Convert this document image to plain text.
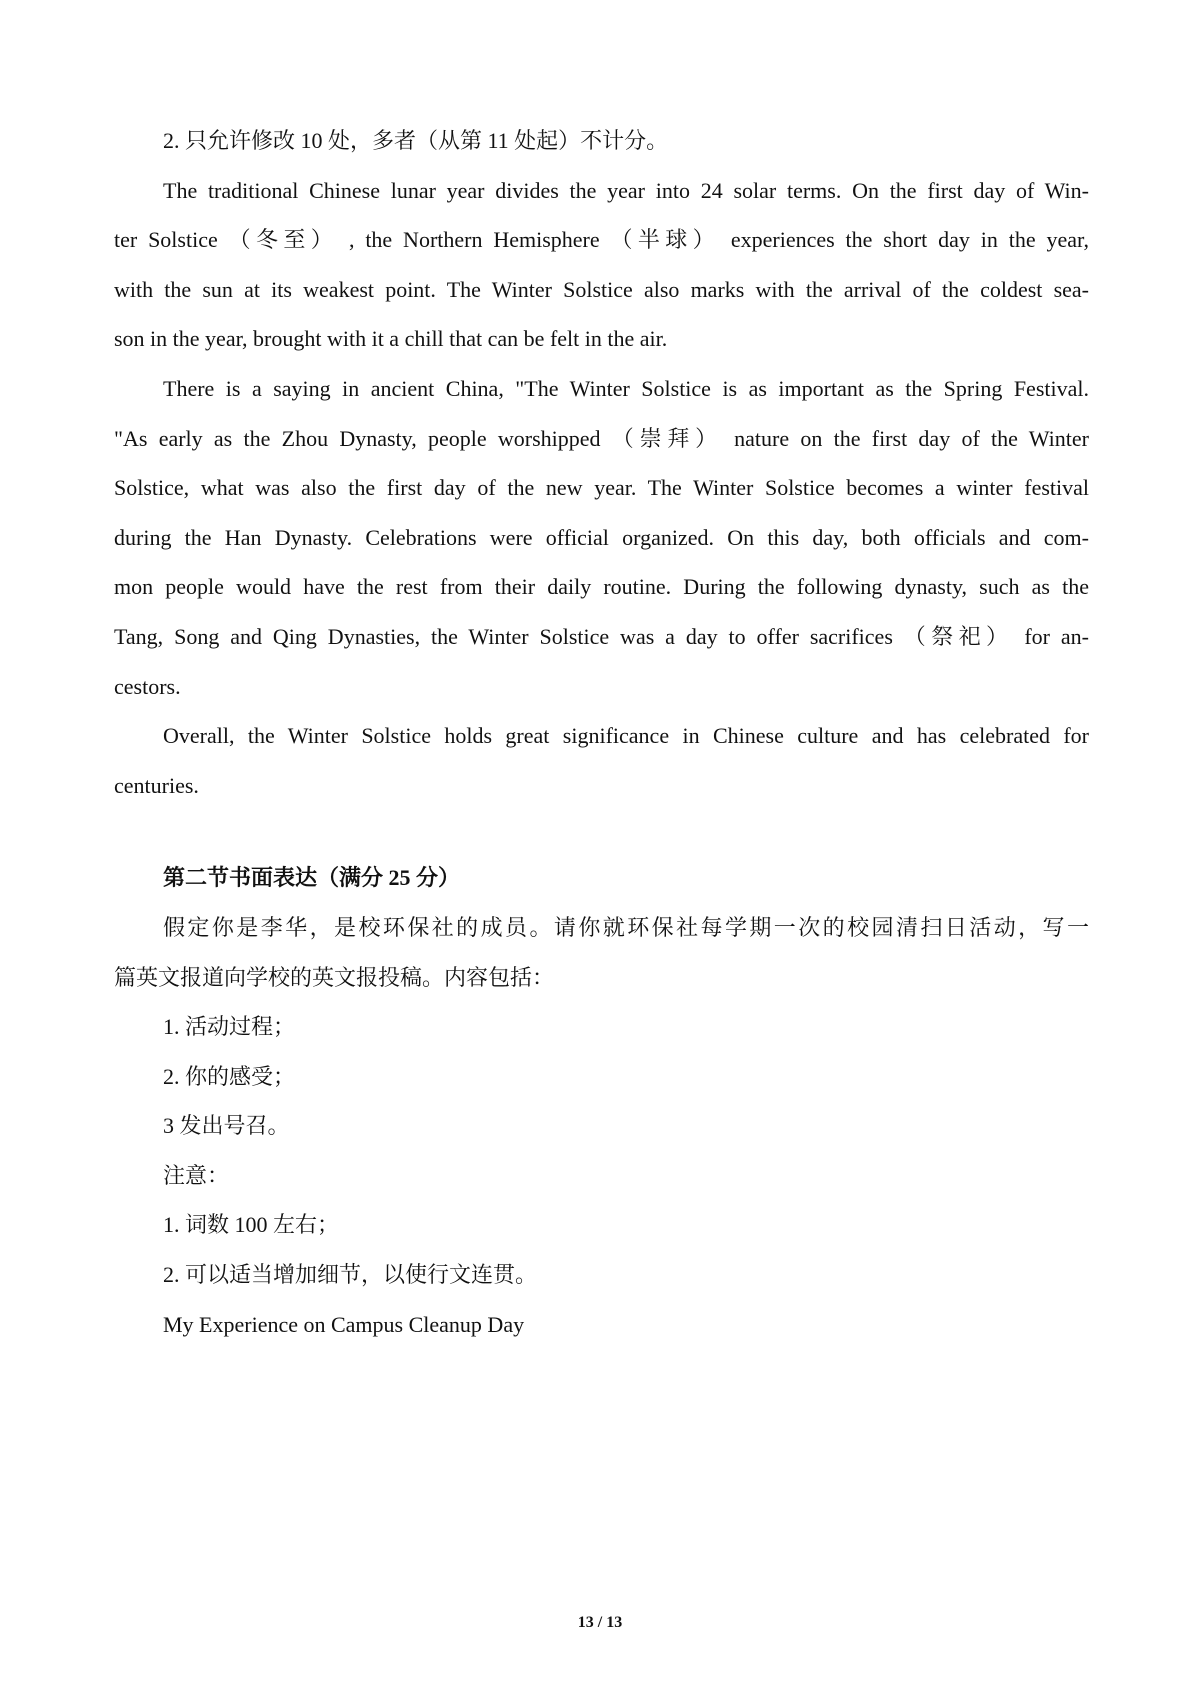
2. 只允许修改 10 处，多者（从第 11 处起）不计分。
The traditional Chinese lunar year divides the year into 24 solar terms. On the first day of Win-
ter Solstice （冬至） , the Northern Hemisphere （半球） experiences the short day in the year,
with the sun at its weakest point. The Winter Solstice also marks with the arrival of the coldest sea-
son in the year, brought with it a chill that can be felt in the air.
There is a saying in ancient China, "The Winter Solstice is as important as the Spring Festival.
"As early as the Zhou Dynasty, people worshipped （崇拜） nature on the first day of the Winter
Solstice, what was also the first day of the new year. The Winter Solstice becomes a winter festival
during the Han Dynasty. Celebrations were official organized. On this day, both officials and com-
mon people would have the rest from their daily routine. During the following dynasty, such as the
Tang, Song and Qing Dynasties, the Winter Solstice was a day to offer sacrifices （祭祀） for an-
cestors.
Overall, the Winter Solstice holds great significance in Chinese culture and has celebrated for
centuries.
第二节书面表达（满分 25 分）
假定你是李华，是校环保社的成员。请你就环保社每学期一次的校园清扫日活动，写一
篇英文报道向学校的英文报投稿。内容包括：
1. 活动过程；
2. 你的感受；
3 发出号召。
注意：
1. 词数 100 左右；
2. 可以适当增加细节，以使行文连贯。
My Experience on Campus Cleanup Day
13 / 13
